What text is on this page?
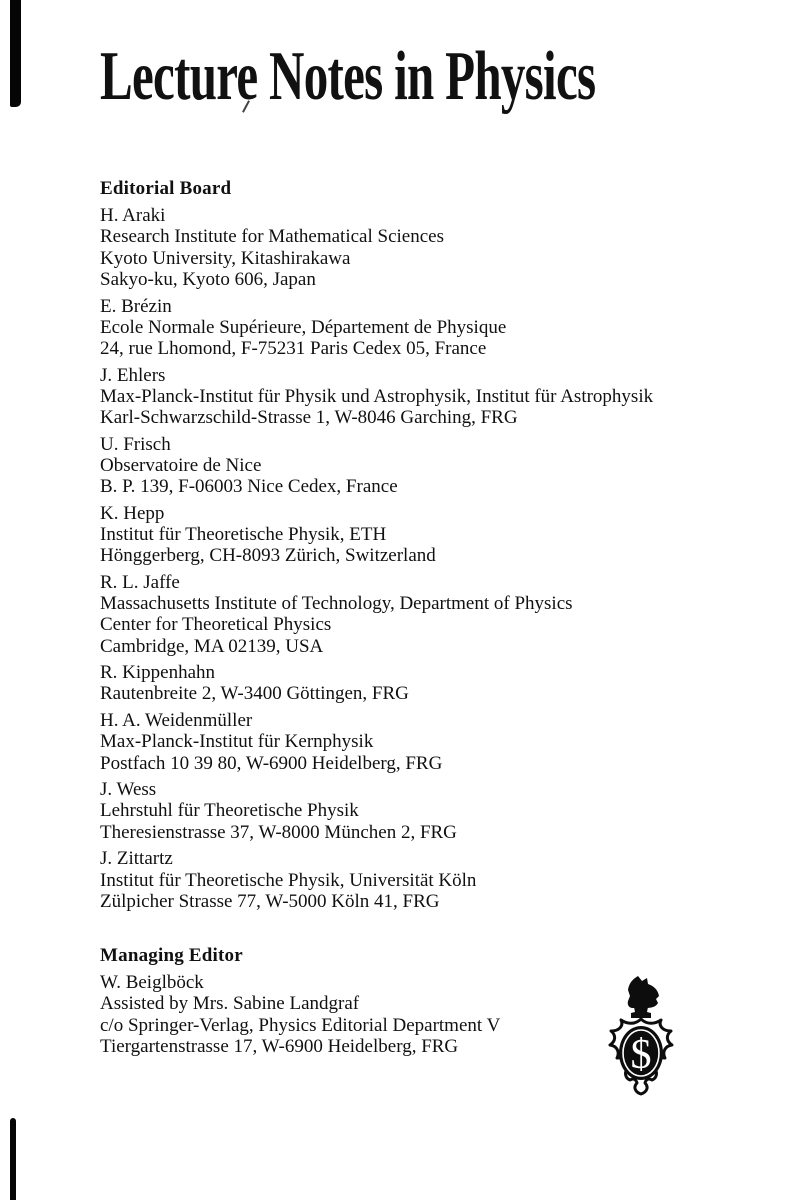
Lecture Notes in Physics
Editorial Board
H. Araki
Research Institute for Mathematical Sciences
Kyoto University, Kitashirakawa
Sakyo-ku, Kyoto 606, Japan
E. Brézin
Ecole Normale Supérieure, Département de Physique
24, rue Lhomond, F-75231 Paris Cedex 05, France
J. Ehlers
Max-Planck-Institut für Physik und Astrophysik, Institut für Astrophysik
Karl-Schwarzschild-Strasse 1, W-8046 Garching, FRG
U. Frisch
Observatoire de Nice
B. P. 139, F-06003 Nice Cedex, France
K. Hepp
Institut für Theoretische Physik, ETH
Hönggerberg, CH-8093 Zürich, Switzerland
R. L. Jaffe
Massachusetts Institute of Technology, Department of Physics
Center for Theoretical Physics
Cambridge, MA 02139, USA
R. Kippenhahn
Rautenbreite 2, W-3400 Göttingen, FRG
H. A. Weidenmüller
Max-Planck-Institut für Kernphysik
Postfach 10 39 80, W-6900 Heidelberg, FRG
J. Wess
Lehrstuhl für Theoretische Physik
Theresienstrasse 37, W-8000 München 2, FRG
J. Zittartz
Institut für Theoretische Physik, Universität Köln
Zülpicher Strasse 77, W-5000 Köln 41, FRG
Managing Editor
W. Beiglböck
Assisted by Mrs. Sabine Landgraf
c/o Springer-Verlag, Physics Editorial Department V
Tiergartenstrasse 17, W-6900 Heidelberg, FRG	$
